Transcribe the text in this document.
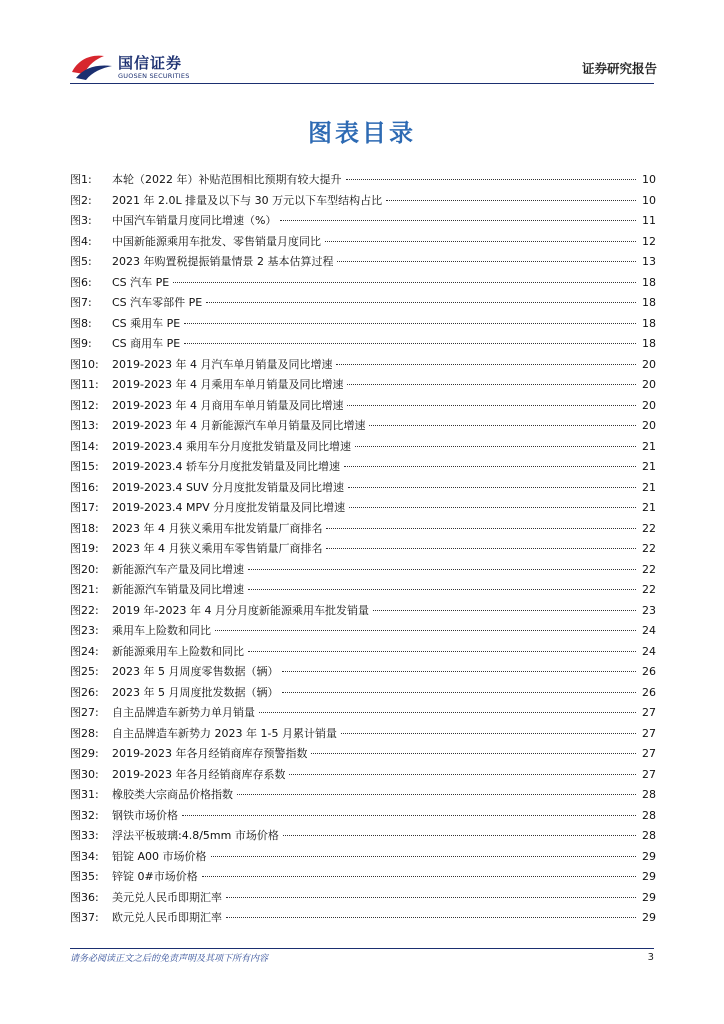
国信证券
GUOSEN SECURITIES	证券研究报告
图表目录
图1:	本轮（2022 年）补贴范围相比预期有较大提升	10
图2:	2021 年 2.0L 排量及以下与 30 万元以下车型结构占比	10
图3:	中国汽车销量月度同比增速（%）	11
图4:	中国新能源乘用车批发、零售销量月度同比	12
图5:	2023 年购置税提振销量情景 2 基本估算过程	13
图6:	CS 汽车 PE	18
图7:	CS 汽车零部件 PE	18
图8:	CS 乘用车 PE	18
图9:	CS 商用车 PE	18
图10:	2019-2023 年 4 月汽车单月销量及同比增速	20
图11:	2019-2023 年 4 月乘用车单月销量及同比增速	20
图12:	2019-2023 年 4 月商用车单月销量及同比增速	20
图13:	2019-2023 年 4 月新能源汽车单月销量及同比增速	20
图14:	2019-2023.4 乘用车分月度批发销量及同比增速	21
图15:	2019-2023.4 轿车分月度批发销量及同比增速	21
图16:	2019-2023.4 SUV 分月度批发销量及同比增速	21
图17:	2019-2023.4 MPV 分月度批发销量及同比增速	21
图18:	2023 年 4 月狭义乘用车批发销量厂商排名	22
图19:	2023 年 4 月狭义乘用车零售销量厂商排名	22
图20:	新能源汽车产量及同比增速	22
图21:	新能源汽车销量及同比增速	22
图22:	2019 年-2023 年 4 月分月度新能源乘用车批发销量	23
图23:	乘用车上险数和同比	24
图24:	新能源乘用车上险数和同比	24
图25:	2023 年 5 月周度零售数据（辆）	26
图26:	2023 年 5 月周度批发数据（辆）	26
图27:	自主品牌造车新势力单月销量	27
图28:	自主品牌造车新势力 2023 年 1-5 月累计销量	27
图29:	2019-2023 年各月经销商库存预警指数	27
图30:	2019-2023 年各月经销商库存系数	27
图31:	橡胶类大宗商品价格指数	28
图32:	钢铁市场价格	28
图33:	浮法平板玻璃:4.8/5mm 市场价格	28
图34:	铝锭 A00 市场价格	29
图35:	锌锭 0#市场价格	29
图36:	美元兑人民币即期汇率	29
图37:	欧元兑人民币即期汇率	29
请务必阅读正文之后的免责声明及其项下所有内容	3
